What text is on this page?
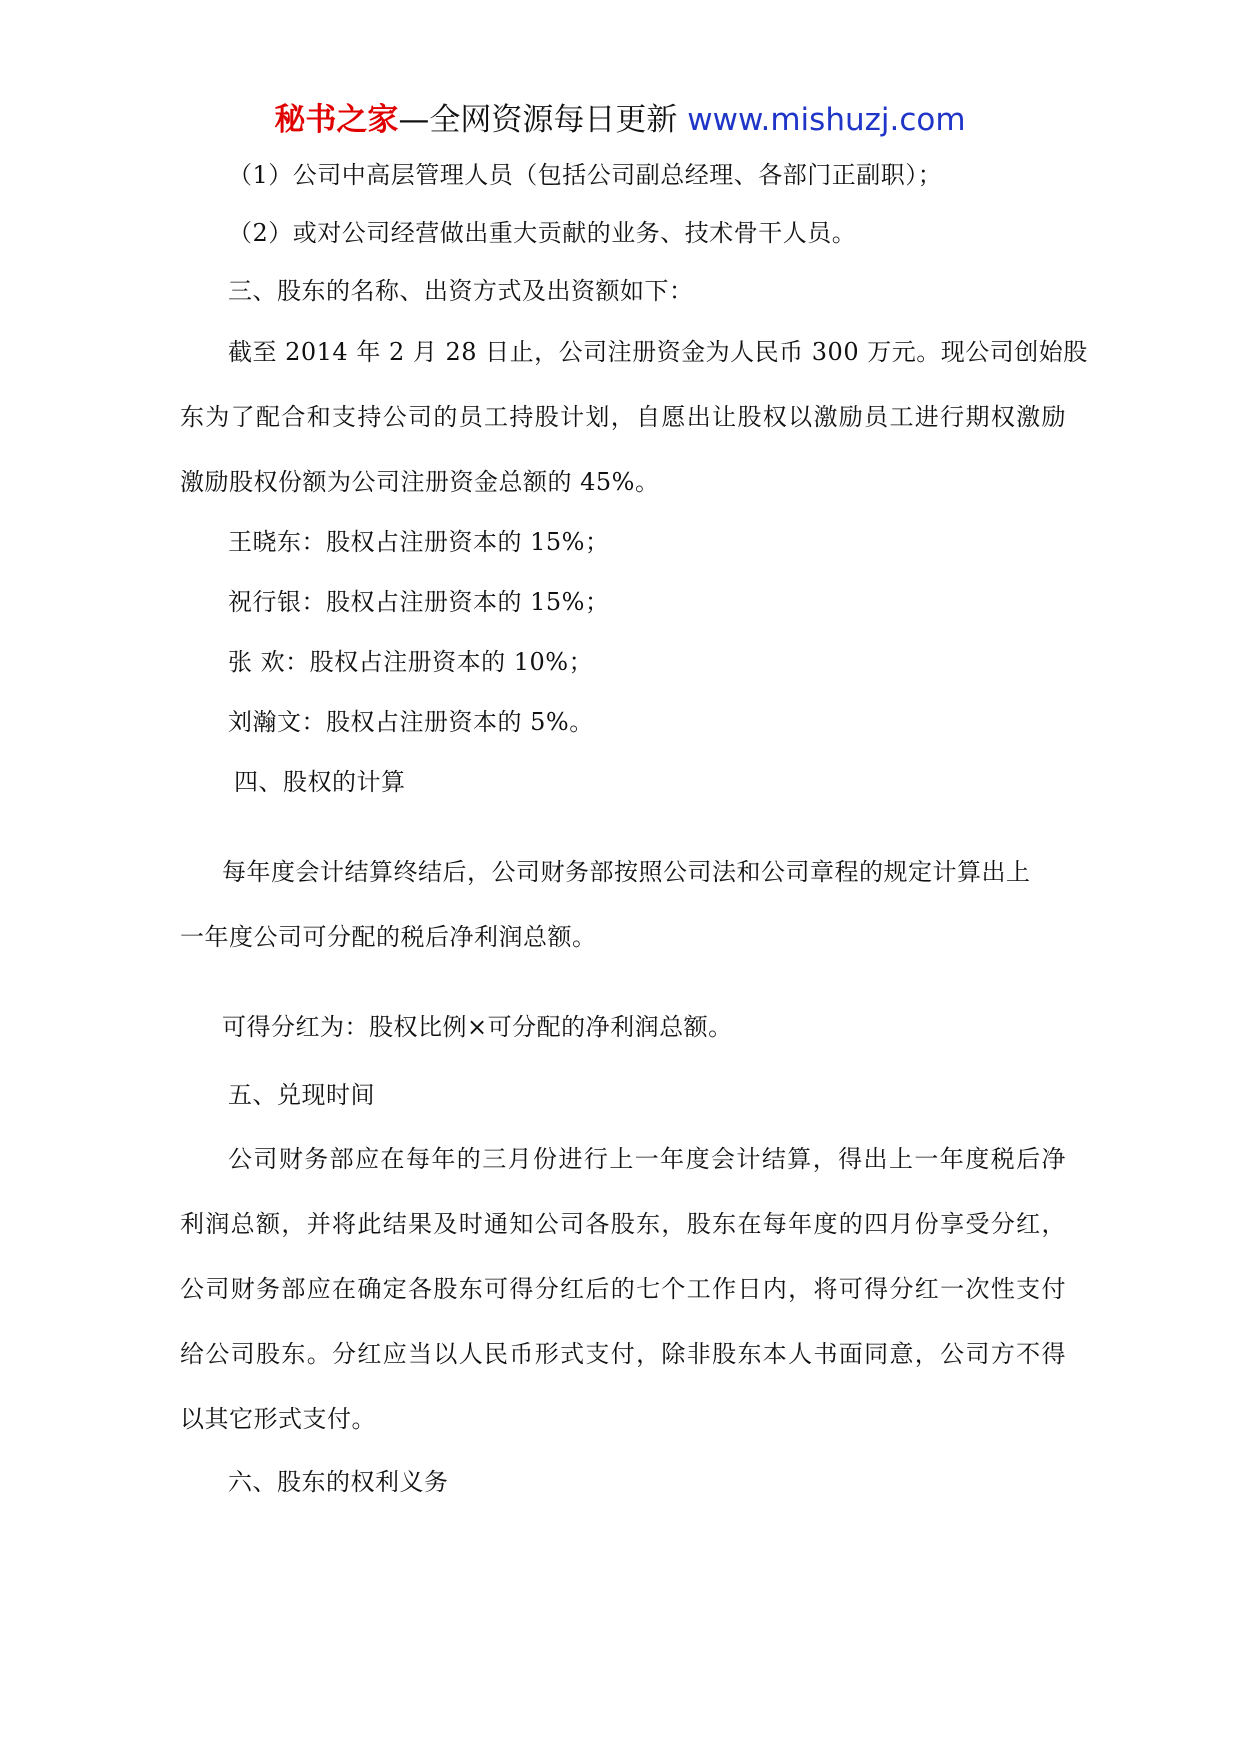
秘书之家—全网资源每日更新 www.mishuzj.com
（1）公司中高层管理人员（包括公司副总经理、各部门正副职）；
（2）或对公司经营做出重大贡献的业务、技术骨干人员。
三、股东的名称、出资方式及出资额如下：
截至 2014 年 2 月 28 日止，公司注册资金为人民币 300 万元。现公司创始股
东为了配合和支持公司的员工持股计划，自愿出让股权以激励员工进行期权激励
激励股权份额为公司注册资金总额的 45%。
王晓东：股权占注册资本的 15%；
祝行银：股权占注册资本的 15%；
张 欢：股权占注册资本的 10%；
刘瀚文：股权占注册资本的 5%。
四、股权的计算
每年度会计结算终结后，公司财务部按照公司法和公司章程的规定计算出上
一年度公司可分配的税后净利润总额。
可得分红为：股权比例×可分配的净利润总额。
五、兑现时间
公司财务部应在每年的三月份进行上一年度会计结算，得出上一年度税后净
利润总额，并将此结果及时通知公司各股东，股东在每年度的四月份享受分红，
公司财务部应在确定各股东可得分红后的七个工作日内，将可得分红一次性支付
给公司股东。分红应当以人民币形式支付，除非股东本人书面同意，公司方不得
以其它形式支付。
六、股东的权利义务
